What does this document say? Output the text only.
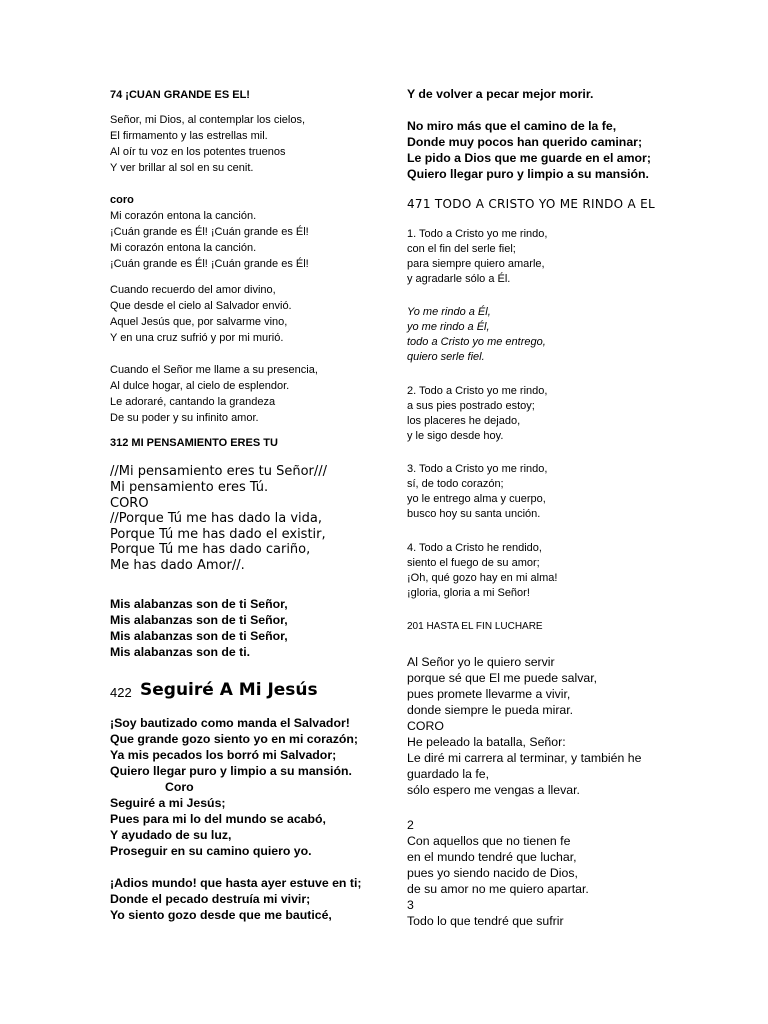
74 ¡CUAN GRANDE ES EL!
Señor, mi Dios, al contemplar los cielos,
El firmamento y las estrellas mil.
Al oír tu voz en los potentes truenos
Y ver brillar al sol en su cenit.
coro
Mi corazón entona la canción.
¡Cuán grande es Él! ¡Cuán grande es Él!
Mi corazón entona la canción.
¡Cuán grande es Él! ¡Cuán grande es Él!
Cuando recuerdo del amor divino,
Que desde el cielo al Salvador envió.
Aquel Jesús que, por salvarme vino,
Y en una cruz sufrió y por mi murió.
Cuando el Señor me llame a su presencia,
Al dulce hogar, al cielo de esplendor.
Le adoraré, cantando la grandeza
De su poder y su infinito amor.
312 MI PENSAMIENTO ERES TU
//Mi pensamiento eres tu Señor///
Mi pensamiento eres Tú.
CORO
//Porque Tú me has dado la vida,
Porque Tú me has dado el existir,
Porque Tú me has dado cariño,
Me has dado Amor//.
Mis alabanzas son de ti Señor,
Mis alabanzas son de ti Señor,
Mis alabanzas son de ti Señor,
Mis alabanzas son de ti.
422 Seguiré A Mi Jesús
¡Soy bautizado como manda el Salvador!
Que grande gozo siento yo en mi corazón;
Ya mis pecados los borró mi Salvador;
Quiero llegar puro y limpio a su mansión.
Coro
Seguiré a mi Jesús;
Pues para mi lo del mundo se acabó,
Y ayudado de su luz,
Proseguir en su camino quiero yo.
¡Adios mundo! que hasta ayer estuve en ti;
Donde el pecado destruía mi vivir;
Yo siento gozo desde que me bauticé,
Y de volver a pecar mejor morir.
No miro más que el camino de la fe,
Donde muy pocos han querido caminar;
Le pido a Dios que me guarde en el amor;
Quiero llegar puro y limpio a su mansión.
471 TODO A CRISTO YO ME RINDO A EL
1. Todo a Cristo yo me rindo,
con el fin del serle fiel;
para siempre quiero amarle,
y agradarle sólo a Él.
Yo me rindo a Él,
yo me rindo a Él,
todo a Cristo yo me entrego,
quiero serle fiel.
2. Todo a Cristo yo me rindo,
a sus pies postrado estoy;
los placeres he dejado,
y le sigo desde hoy.
3. Todo a Cristo yo me rindo,
sí, de todo corazón;
yo le entrego alma y cuerpo,
busco hoy su santa unción.
4. Todo a Cristo he rendido,
siento el fuego de su amor;
¡Oh, qué gozo hay en mi alma!
¡gloria, gloria a mi Señor!
201 HASTA EL FIN LUCHARE
Al Señor yo le quiero servir
porque sé que El me puede salvar,
pues promete llevarme a vivir,
donde siempre le pueda mirar.
CORO
He peleado la batalla, Señor:
Le diré mi carrera al terminar, y también he
guardado la fe,
sólo espero me vengas a llevar.
2
Con aquellos que no tienen fe
en el mundo tendré que luchar,
pues yo siendo nacido de Dios,
de su amor no me quiero apartar.
3
Todo lo que tendré que sufrir
